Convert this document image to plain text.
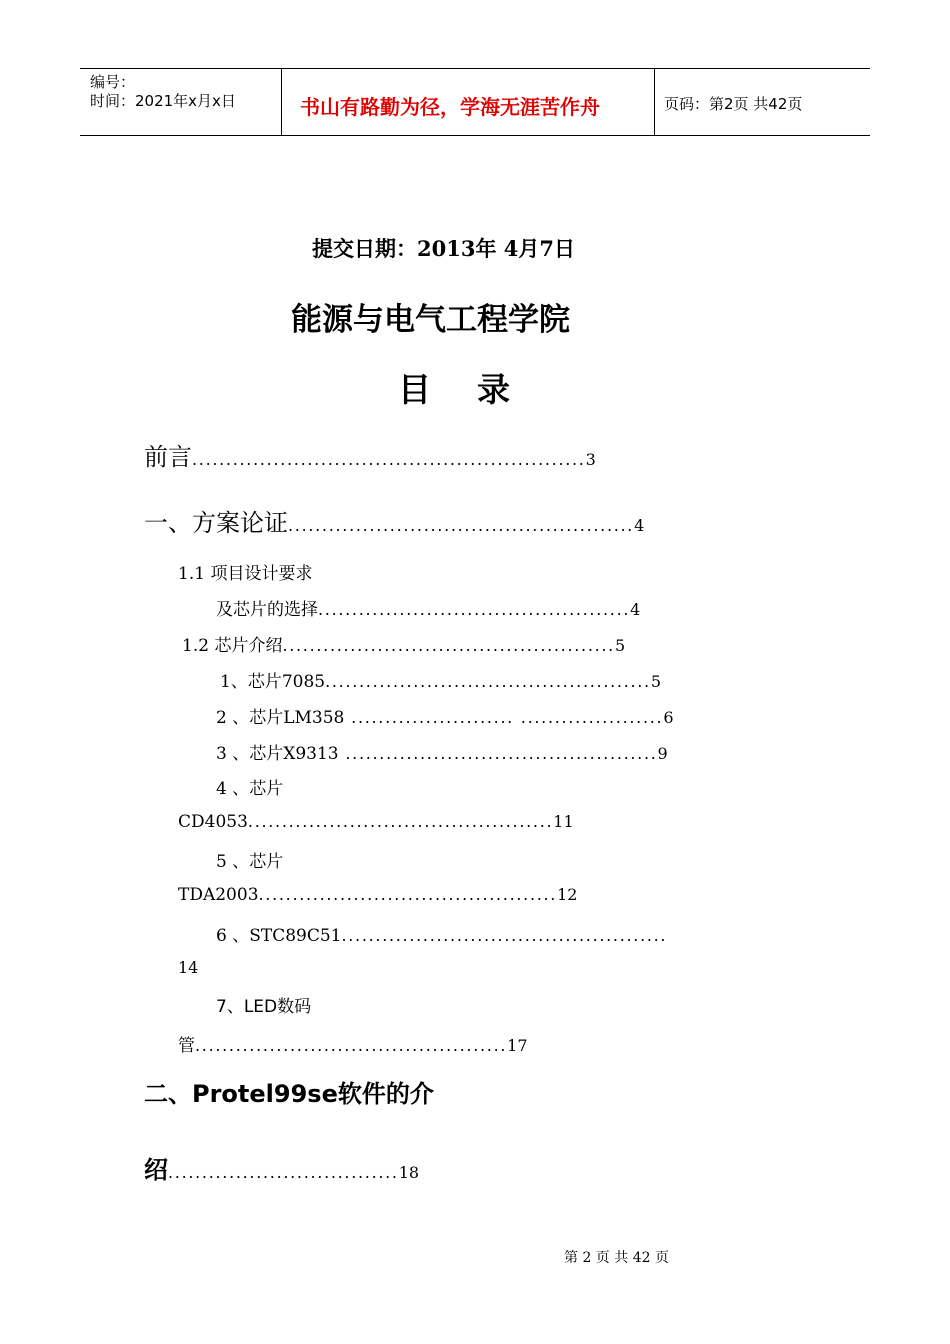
编号：
时间：2021年x月x日	书山有路勤为径，学海无涯苦作舟	页码：第2页 共42页
提交日期：2013年 4月7日
能源与电气工程学院
目    录
前言..........................................................3
一、方案论证...................................................4
1.1 项目设计要求
及芯片的选择..............................................4
1.2 芯片介绍.................................................5
1、芯片7085................................................5
2 、芯片LM358 ........................ .....................6
3 、芯片X9313 ..............................................9
4 、芯片
CD4053.............................................11
5 、芯片
TDA2003............................................12
6 、STC89C51................................................
14
7、LED数码
管..............................................17
二、Protel99se软件的介
绍..................................18
第 2 页 共 42 页
